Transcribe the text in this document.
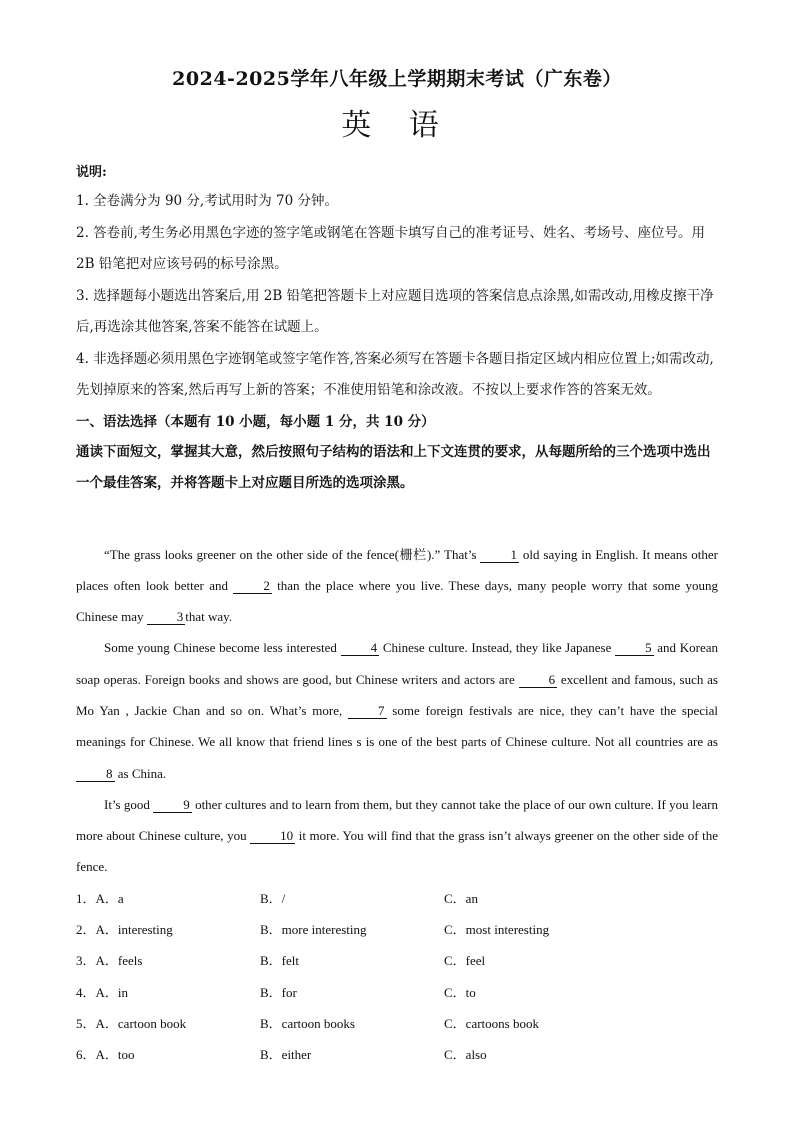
2024-2025学年八年级上学期期末考试（广东卷）
英 语
说明:

1. 全卷满分为 90 分,考试用时为 70 分钟。

2. 答卷前,考生务必用黑色字迹的签字笔或钢笔在答题卡填写自己的准考证号、姓名、考场号、座位号。用 2B 铅笔把对应该号码的标号涂黑。

3. 选择题每小题选出答案后,用 2B 铅笔把答题卡上对应题目选项的答案信息点涂黑,如需改动,用橡皮擦干净后,再选涂其他答案,答案不能答在试题上。

4. 非选择题必须用黑色字迹钢笔或签字笔作答,答案必须写在答题卡各题目指定区域内相应位置上;如需改动,先划掉原来的答案,然后再写上新的答案；不准使用铅笔和涂改液。不按以上要求作答的答案无效。

一、语法选择（本题有 10 小题，每小题 1 分，共 10 分）

通读下面短文，掌握其大意，然后按照句子结构的语法和上下文连贯的要求，从每题所给的三个选项中选出一个最佳答案，并将答题卡上对应题目所选的选项涂黑。

“The grass looks greener on the other side of the fence(栅栏).” That’s 1 old saying in English. It means other places often look better and 2 than the place where you live. These days, many people worry that some young Chinese may 3 that way.

Some young Chinese become less interested 4 Chinese culture. Instead, they like Japanese 5 and Korean soap operas. Foreign books and shows are good, but Chinese writers and actors are 6 excellent and famous, such as Mo Yan , Jackie Chan and so on. What’s more, 7 some foreign festivals are nice, they can’t have the special meanings for Chinese. We all know that friend lines s is one of the best parts of Chinese culture. Not all countries are as 8 as China.

It’s good 9 other cultures and to learn from them, but they cannot take the place of our own culture. If you learn more about Chinese culture, you 10 it more. You will find that the grass isn’t always greener on the other side of the fence.

1．A．a	B．/	C．an
2．A．interesting	B．more interesting	C．most interesting
3．A．feels	B．felt	C．feel
4．A．in	B．for	C．to
5．A．cartoon book	B．cartoon books	C．cartoons book
6．A．too	B．either	C．also
